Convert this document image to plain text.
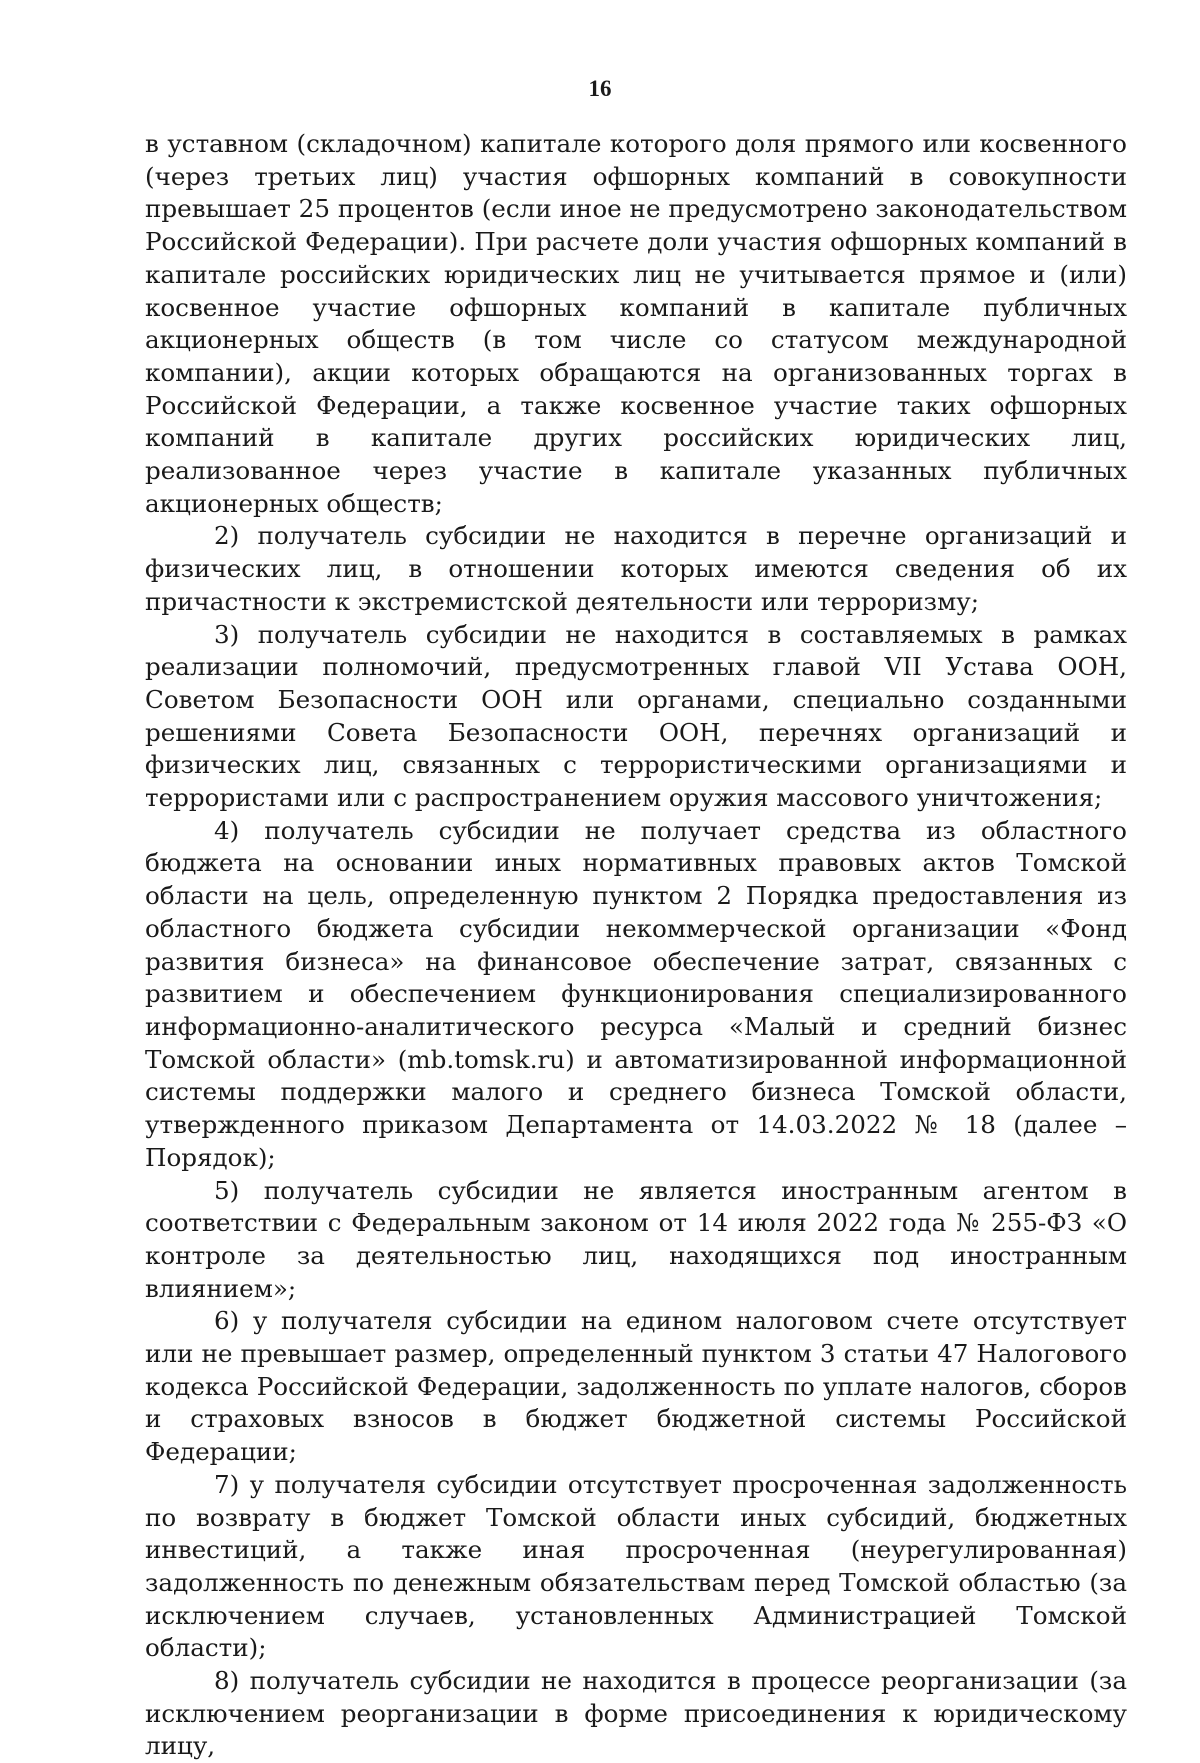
16

в уставном (складочном) капитале которого доля прямого или косвенного (через третьих лиц) участия офшорных компаний в совокупности превышает 25 процентов (если иное не предусмотрено законодательством Российской Федерации). При расчете доли участия офшорных компаний в капитале российских юридических лиц не учитывается прямое и (или) косвенное участие офшорных компаний в капитале публичных акционерных обществ (в том числе со статусом международной компании), акции которых обращаются на организованных торгах в Российской Федерации, а также косвенное участие таких офшорных компаний в капитале других российских юридических лиц, реализованное через участие в капитале указанных публичных акционерных обществ;

2) получатель субсидии не находится в перечне организаций и физических лиц, в отношении которых имеются сведения об их причастности к экстремистской деятельности или терроризму;

3) получатель субсидии не находится в составляемых в рамках реализации полномочий, предусмотренных главой VII Устава ООН, Советом Безопасности ООН или органами, специально созданными решениями Совета Безопасности ООН, перечнях организаций и физических лиц, связанных с террористическими организациями и террористами или с распространением оружия массового уничтожения;

4) получатель субсидии не получает средства из областного бюджета на основании иных нормативных правовых актов Томской области на цель, определенную пунктом 2 Порядка предоставления из областного бюджета субсидии некоммерческой организации «Фонд развития бизнеса» на финансовое обеспечение затрат, связанных с развитием и обеспечением функционирования специализированного информационно-аналитического ресурса «Малый и средний бизнес Томской области» (mb.tomsk.ru) и автоматизированной информационной системы поддержки малого и среднего бизнеса Томской области, утвержденного приказом Департамента от 14.03.2022 № 18 (далее – Порядок);

5) получатель субсидии не является иностранным агентом в соответствии с Федеральным законом от 14 июля 2022 года № 255-ФЗ «О контроле за деятельностью лиц, находящихся под иностранным влиянием»;

6) у получателя субсидии на едином налоговом счете отсутствует или не превышает размер, определенный пунктом 3 статьи 47 Налогового кодекса Российской Федерации, задолженность по уплате налогов, сборов и страховых взносов в бюджет бюджетной системы Российской Федерации;

7) у получателя субсидии отсутствует просроченная задолженность по возврату в бюджет Томской области иных субсидий, бюджетных инвестиций, а также иная просроченная (неурегулированная) задолженность по денежным обязательствам перед Томской областью (за исключением случаев, установленных Администрацией Томской области);

8) получатель субсидии не находится в процессе реорганизации (за исключением реорганизации в форме присоединения к юридическому лицу,
